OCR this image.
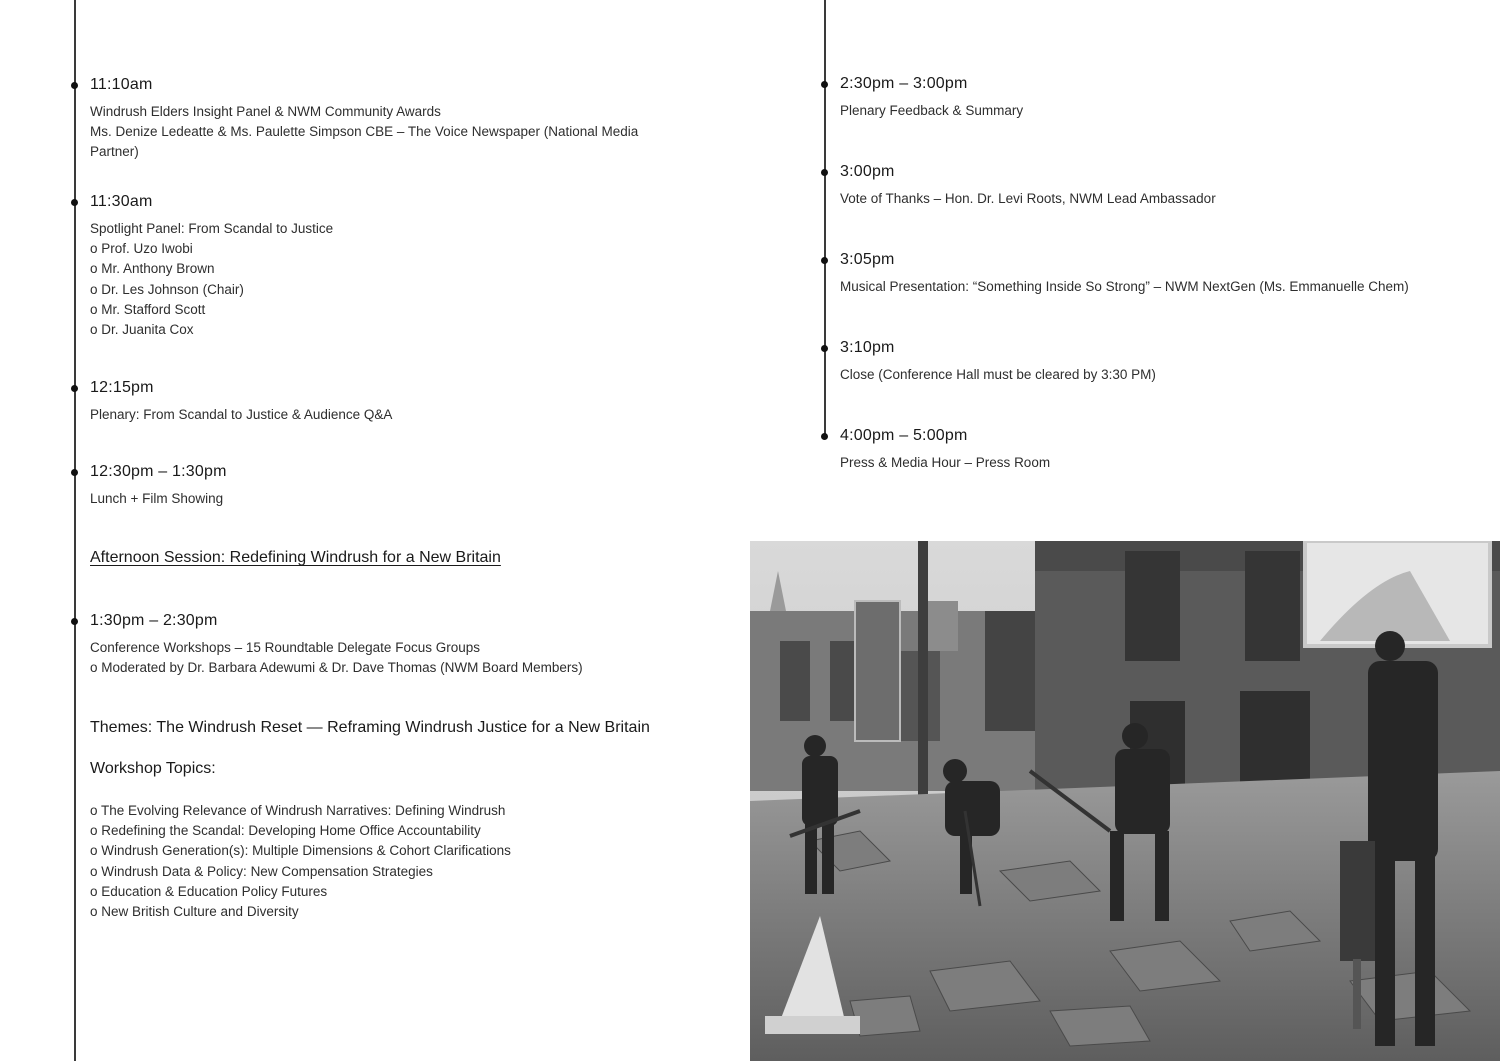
11:10am
Windrush Elders Insight Panel & NWM Community Awards
Ms. Denize Ledeatte & Ms. Paulette Simpson CBE – The Voice Newspaper (National Media
Partner)
11:30am
Spotlight Panel: From Scandal to Justice
o Prof. Uzo Iwobi
o Mr. Anthony Brown
o Dr. Les Johnson (Chair)
o Mr. Stafford Scott
o Dr. Juanita Cox
12:15pm
Plenary: From Scandal to Justice & Audience Q&A
12:30pm – 1:30pm
Lunch + Film Showing
Afternoon Session: Redefining Windrush for a New Britain
1:30pm – 2:30pm
Conference Workshops – 15 Roundtable Delegate Focus Groups
o Moderated by Dr. Barbara Adewumi & Dr. Dave Thomas (NWM Board Members)
Themes: The Windrush Reset — Reframing Windrush Justice for a New Britain
Workshop Topics:
o The Evolving Relevance of Windrush Narratives: Defining Windrush
o Redefining the Scandal: Developing Home Office Accountability
o Windrush Generation(s): Multiple Dimensions & Cohort Clarifications
o Windrush Data & Policy: New Compensation Strategies
o Education & Education Policy Futures
o New British Culture and Diversity
2:30pm – 3:00pm
Plenary Feedback & Summary
3:00pm
Vote of Thanks – Hon. Dr. Levi Roots, NWM Lead Ambassador
3:05pm
Musical Presentation: “Something Inside So Strong” – NWM NextGen (Ms. Emmanuelle Chem)
3:10pm
Close (Conference Hall must be cleared by 3:30 PM)
4:00pm – 5:00pm
Press & Media Hour – Press Room
